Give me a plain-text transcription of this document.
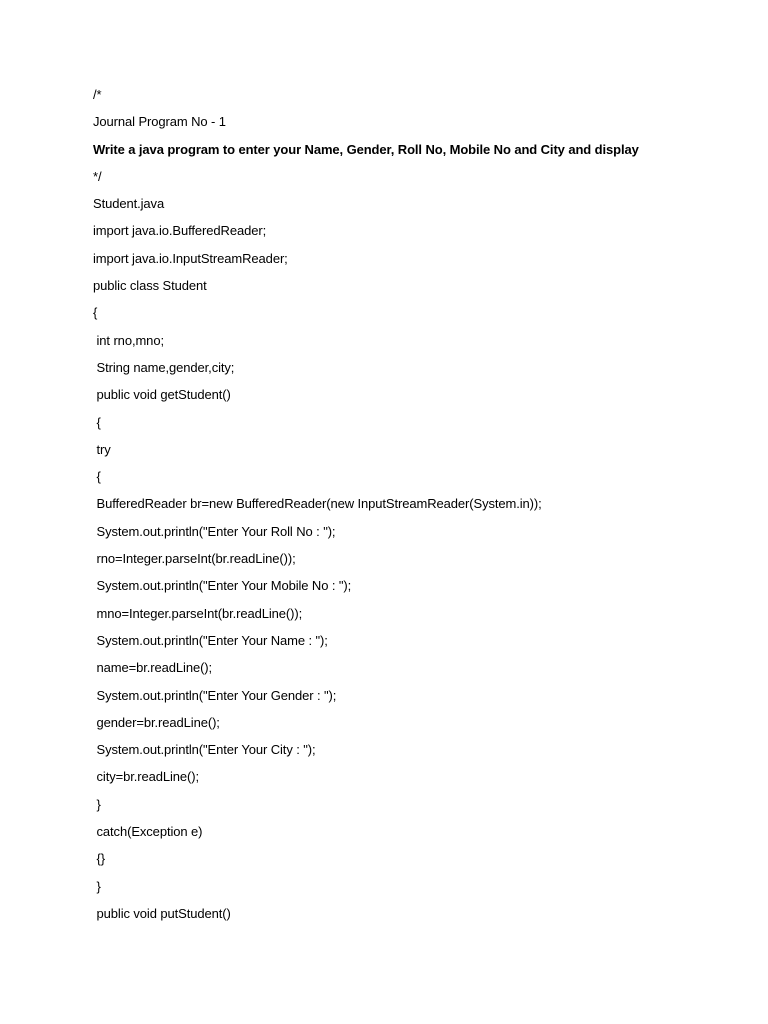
/*
Journal Program No - 1
Write a java program to enter your Name, Gender, Roll No, Mobile No and City and display
*/
Student.java
import java.io.BufferedReader;
import java.io.InputStreamReader;
public class Student
{
int rno,mno;
String name,gender,city;
public void getStudent()
{
try
{
BufferedReader br=new BufferedReader(new InputStreamReader(System.in));
System.out.println("Enter Your Roll No : ");
rno=Integer.parseInt(br.readLine());
System.out.println("Enter Your Mobile No : ");
mno=Integer.parseInt(br.readLine());
System.out.println("Enter Your Name : ");
name=br.readLine();
System.out.println("Enter Your Gender : ");
gender=br.readLine();
System.out.println("Enter Your City : ");
city=br.readLine();
}
catch(Exception e)
{}
}
public void putStudent()
